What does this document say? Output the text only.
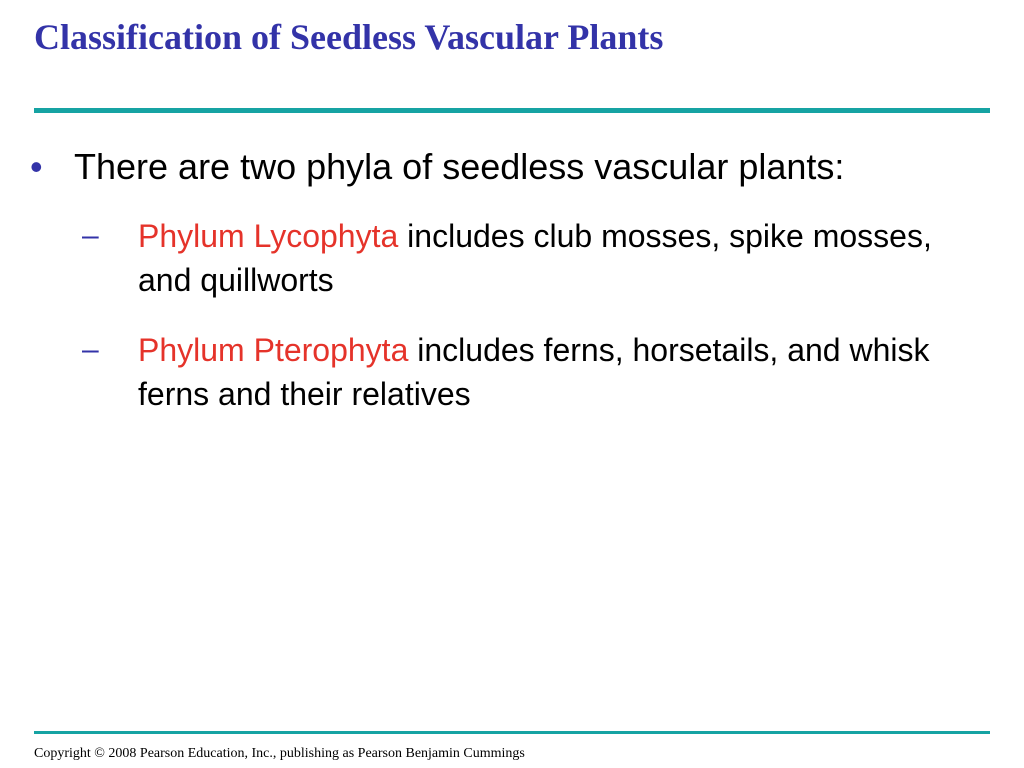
Classification of Seedless Vascular Plants
• There are two phyla of seedless vascular plants:
– Phylum Lycophyta includes club mosses, spike mosses, and quillworts
– Phylum Pterophyta includes ferns, horsetails, and whisk ferns and their relatives
Copyright © 2008 Pearson Education, Inc., publishing as Pearson Benjamin Cummings
